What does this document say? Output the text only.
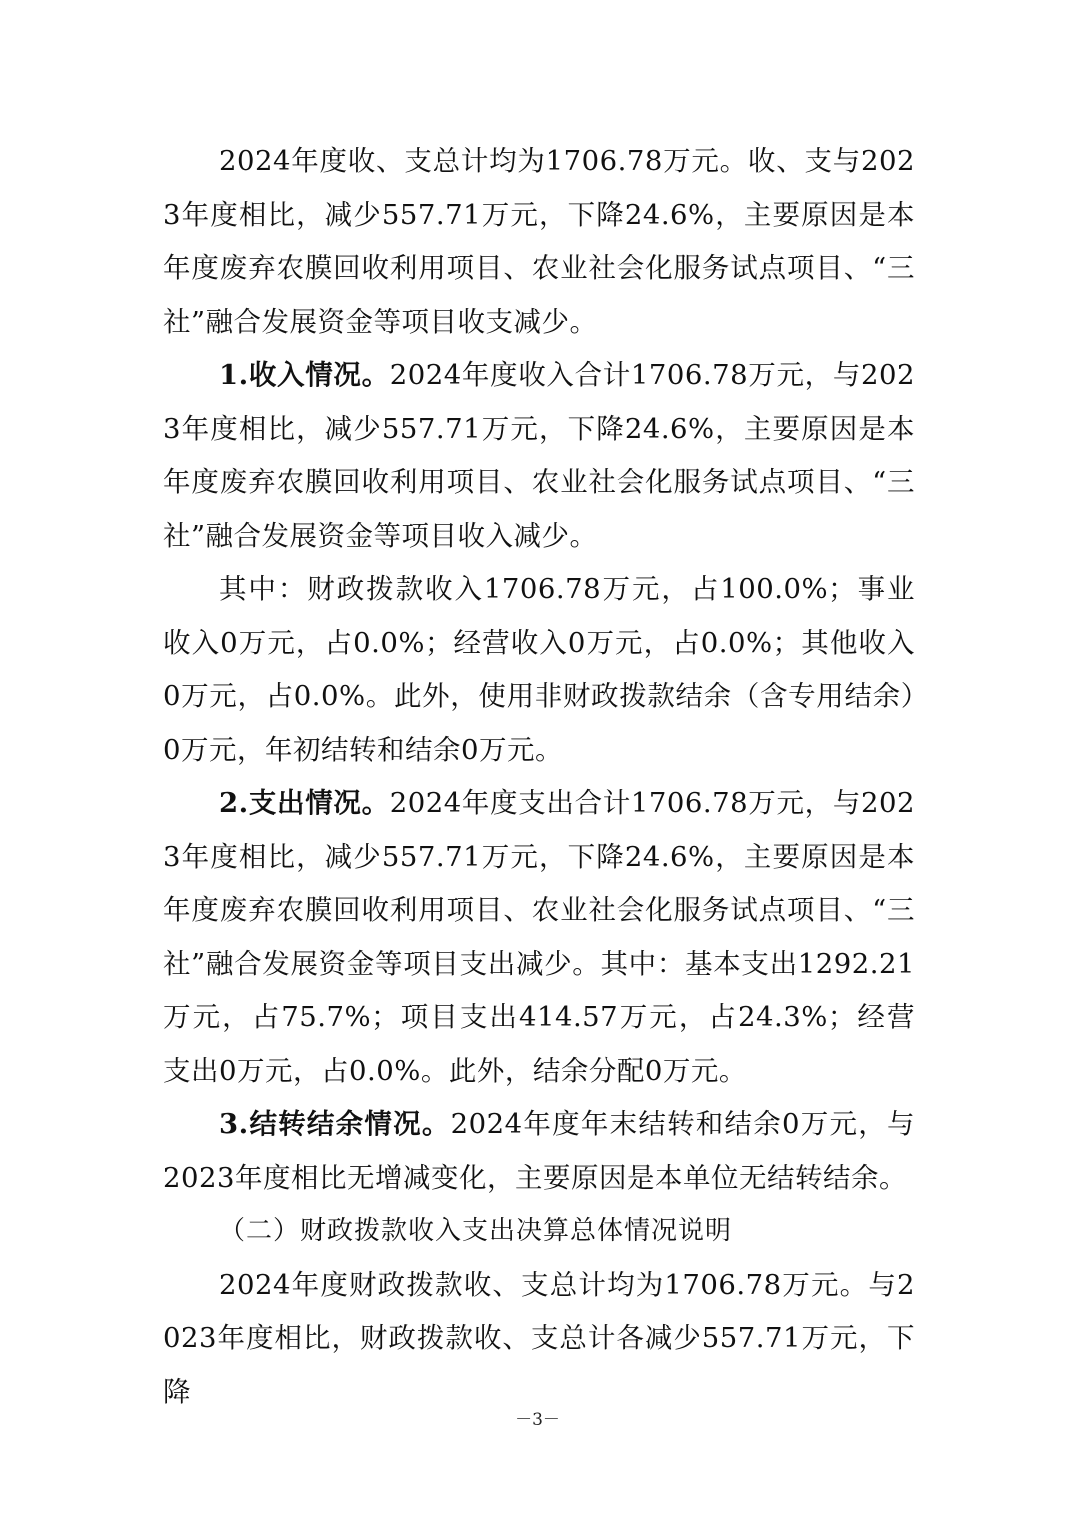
2024年度收、支总计均为1706.78万元。收、支与2023年度相比，减少557.71万元，下降24.6%，主要原因是本年度废弃农膜回收利用项目、农业社会化服务试点项目、“三社”融合发展资金等项目收支减少。

1.收入情况。2024年度收入合计1706.78万元，与2023年度相比，减少557.71万元，下降24.6%，主要原因是本年度废弃农膜回收利用项目、农业社会化服务试点项目、“三社”融合发展资金等项目收入减少。

其中：财政拨款收入1706.78万元，占100.0%；事业收入0万元，占0.0%；经营收入0万元，占0.0%；其他收入0万元，占0.0%。此外，使用非财政拨款结余（含专用结余）0万元，年初结转和结余0万元。

2.支出情况。2024年度支出合计1706.78万元，与2023年度相比，减少557.71万元，下降24.6%，主要原因是本年度废弃农膜回收利用项目、农业社会化服务试点项目、“三社”融合发展资金等项目支出减少。其中：基本支出1292.21万元，占75.7%；项目支出414.57万元，占24.3%；经营支出0万元，占0.0%。此外，结余分配0万元。

3.结转结余情况。2024年度年末结转和结余0万元，与2023年度相比无增减变化，主要原因是本单位无结转结余。

（二）财政拨款收入支出决算总体情况说明

2024年度财政拨款收、支总计均为1706.78万元。与2023年度相比，财政拨款收、支总计各减少557.71万元，下降

－3－
